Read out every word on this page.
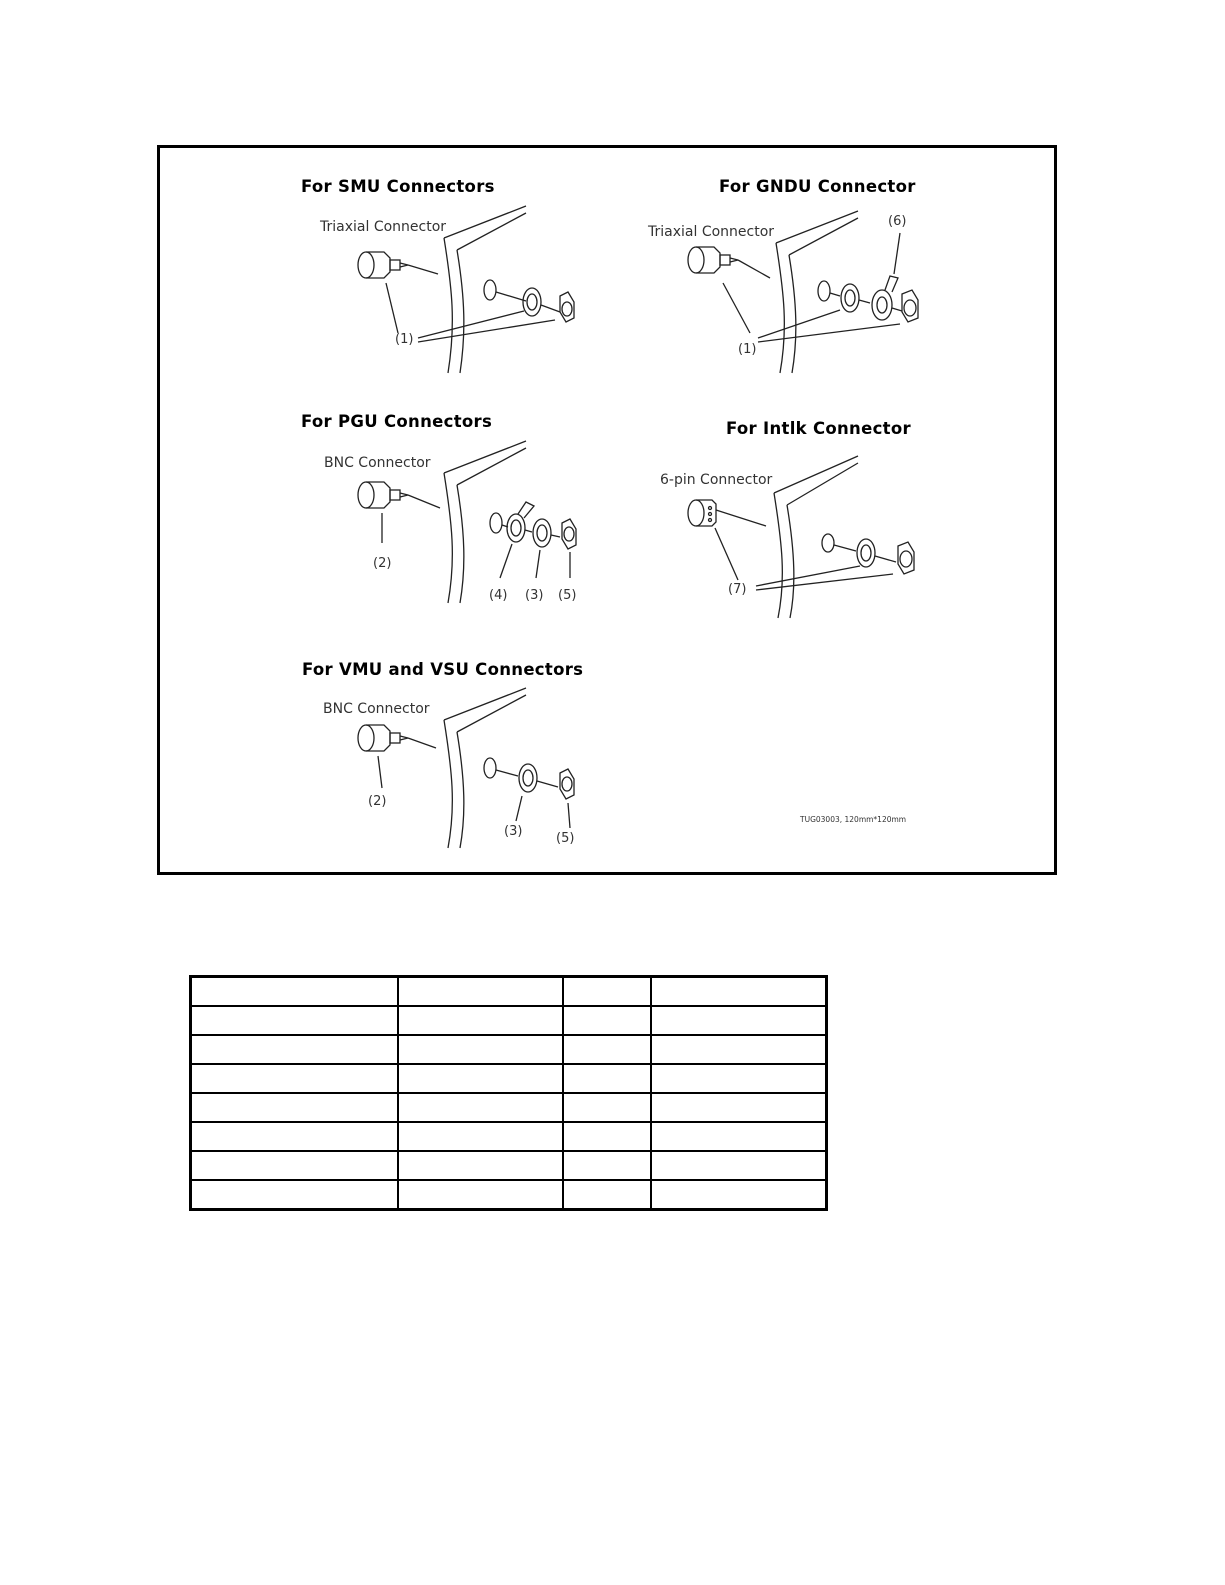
For SMU Connectors
Triaxial Connector
(1)
For GNDU Connector
Triaxial Connector
(6)
(1)
For PGU Connectors
BNC Connector
(2)
(4) (3) (5)
For Intlk Connector
6-pin Connector
(7)
For VMU and VSU Connectors
BNC Connector
(2)
(3)	(5)
TUG03003, 120mm*120mm
